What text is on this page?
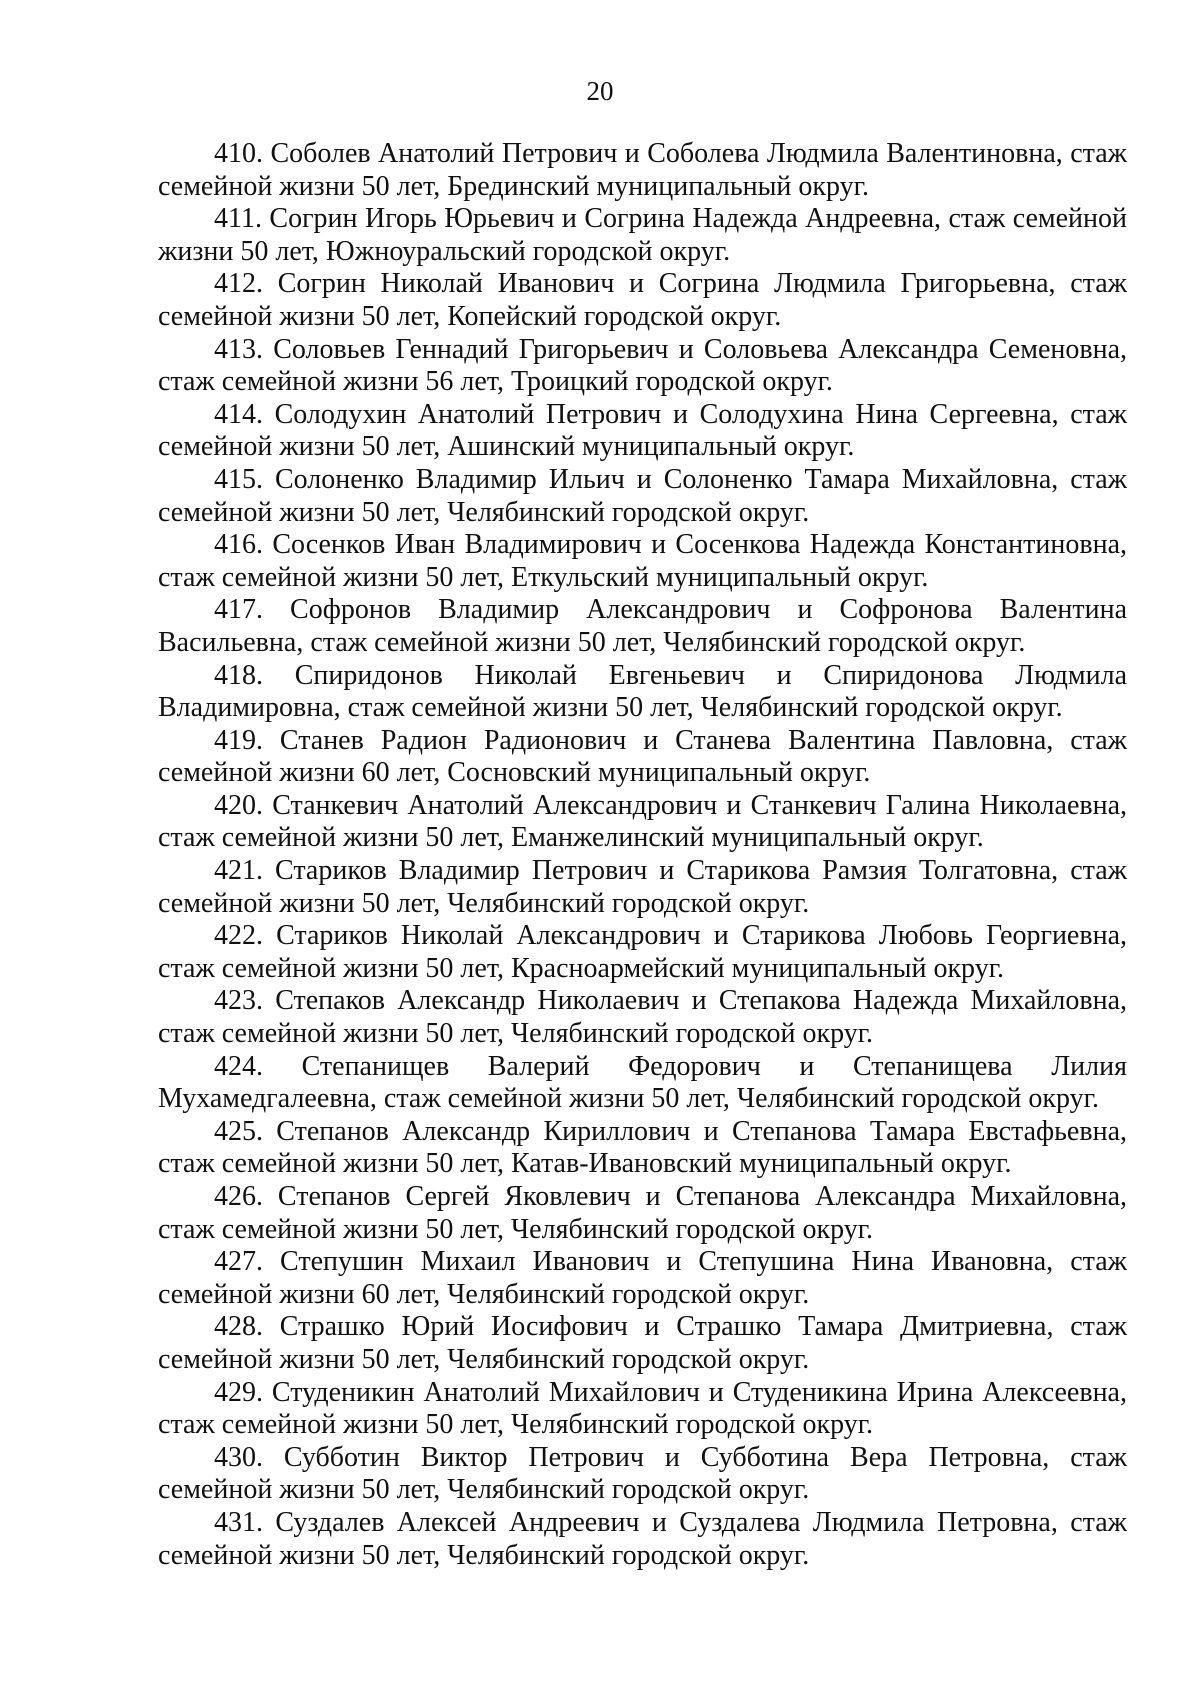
20

410. Соболев Анатолий Петрович и Соболева Людмила Валентиновна, стаж семейной жизни 50 лет, Брединский муниципальный округ.

411. Согрин Игорь Юрьевич и Согрина Надежда Андреевна, стаж семейной жизни 50 лет, Южноуральский городской округ.

412. Согрин Николай Иванович и Согрина Людмила Григорьевна, стаж семейной жизни 50 лет, Копейский городской округ.

413. Соловьев Геннадий Григорьевич и Соловьева Александра Семеновна, стаж семейной жизни 56 лет, Троицкий городской округ.

414. Солодухин Анатолий Петрович и Солодухина Нина Сергеевна, стаж семейной жизни 50 лет, Ашинский муниципальный округ.

415. Солоненко Владимир Ильич и Солоненко Тамара Михайловна, стаж семейной жизни 50 лет, Челябинский городской округ.

416. Сосенков Иван Владимирович и Сосенкова Надежда Константиновна, стаж семейной жизни 50 лет, Еткульский муниципальный округ.

417. Софронов Владимир Александрович и Софронова Валентина Васильевна, стаж семейной жизни 50 лет, Челябинский городской округ.

418. Спиридонов Николай Евгеньевич и Спиридонова Людмила Владимировна, стаж семейной жизни 50 лет, Челябинский городской округ.

419. Станев Радион Радионович и Станева Валентина Павловна, стаж семейной жизни 60 лет, Сосновский муниципальный округ.

420. Станкевич Анатолий Александрович и Станкевич Галина Николаевна, стаж семейной жизни 50 лет, Еманжелинский муниципальный округ.

421. Стариков Владимир Петрович и Старикова Рамзия Толгатовна, стаж семейной жизни 50 лет, Челябинский городской округ.

422. Стариков Николай Александрович и Старикова Любовь Георгиевна, стаж семейной жизни 50 лет, Красноармейский муниципальный округ.

423. Степаков Александр Николаевич и Степакова Надежда Михайловна, стаж семейной жизни 50 лет, Челябинский городской округ.

424. Степанищев Валерий Федорович и Степанищева Лилия Мухамедгалеевна, стаж семейной жизни 50 лет, Челябинский городской округ.

425. Степанов Александр Кириллович и Степанова Тамара Евстафьевна, стаж семейной жизни 50 лет, Катав-Ивановский муниципальный округ.

426. Степанов Сергей Яковлевич и Степанова Александра Михайловна, стаж семейной жизни 50 лет, Челябинский городской округ.

427. Степушин Михаил Иванович и Степушина Нина Ивановна, стаж семейной жизни 60 лет, Челябинский городской округ.

428. Страшко Юрий Иосифович и Страшко Тамара Дмитриевна, стаж семейной жизни 50 лет, Челябинский городской округ.

429. Студеникин Анатолий Михайлович и Студеникина Ирина Алексеевна, стаж семейной жизни 50 лет, Челябинский городской округ.

430. Субботин Виктор Петрович и Субботина Вера Петровна, стаж семейной жизни 50 лет, Челябинский городской округ.

431. Суздалев Алексей Андреевич и Суздалева Людмила Петровна, стаж семейной жизни 50 лет, Челябинский городской округ.
